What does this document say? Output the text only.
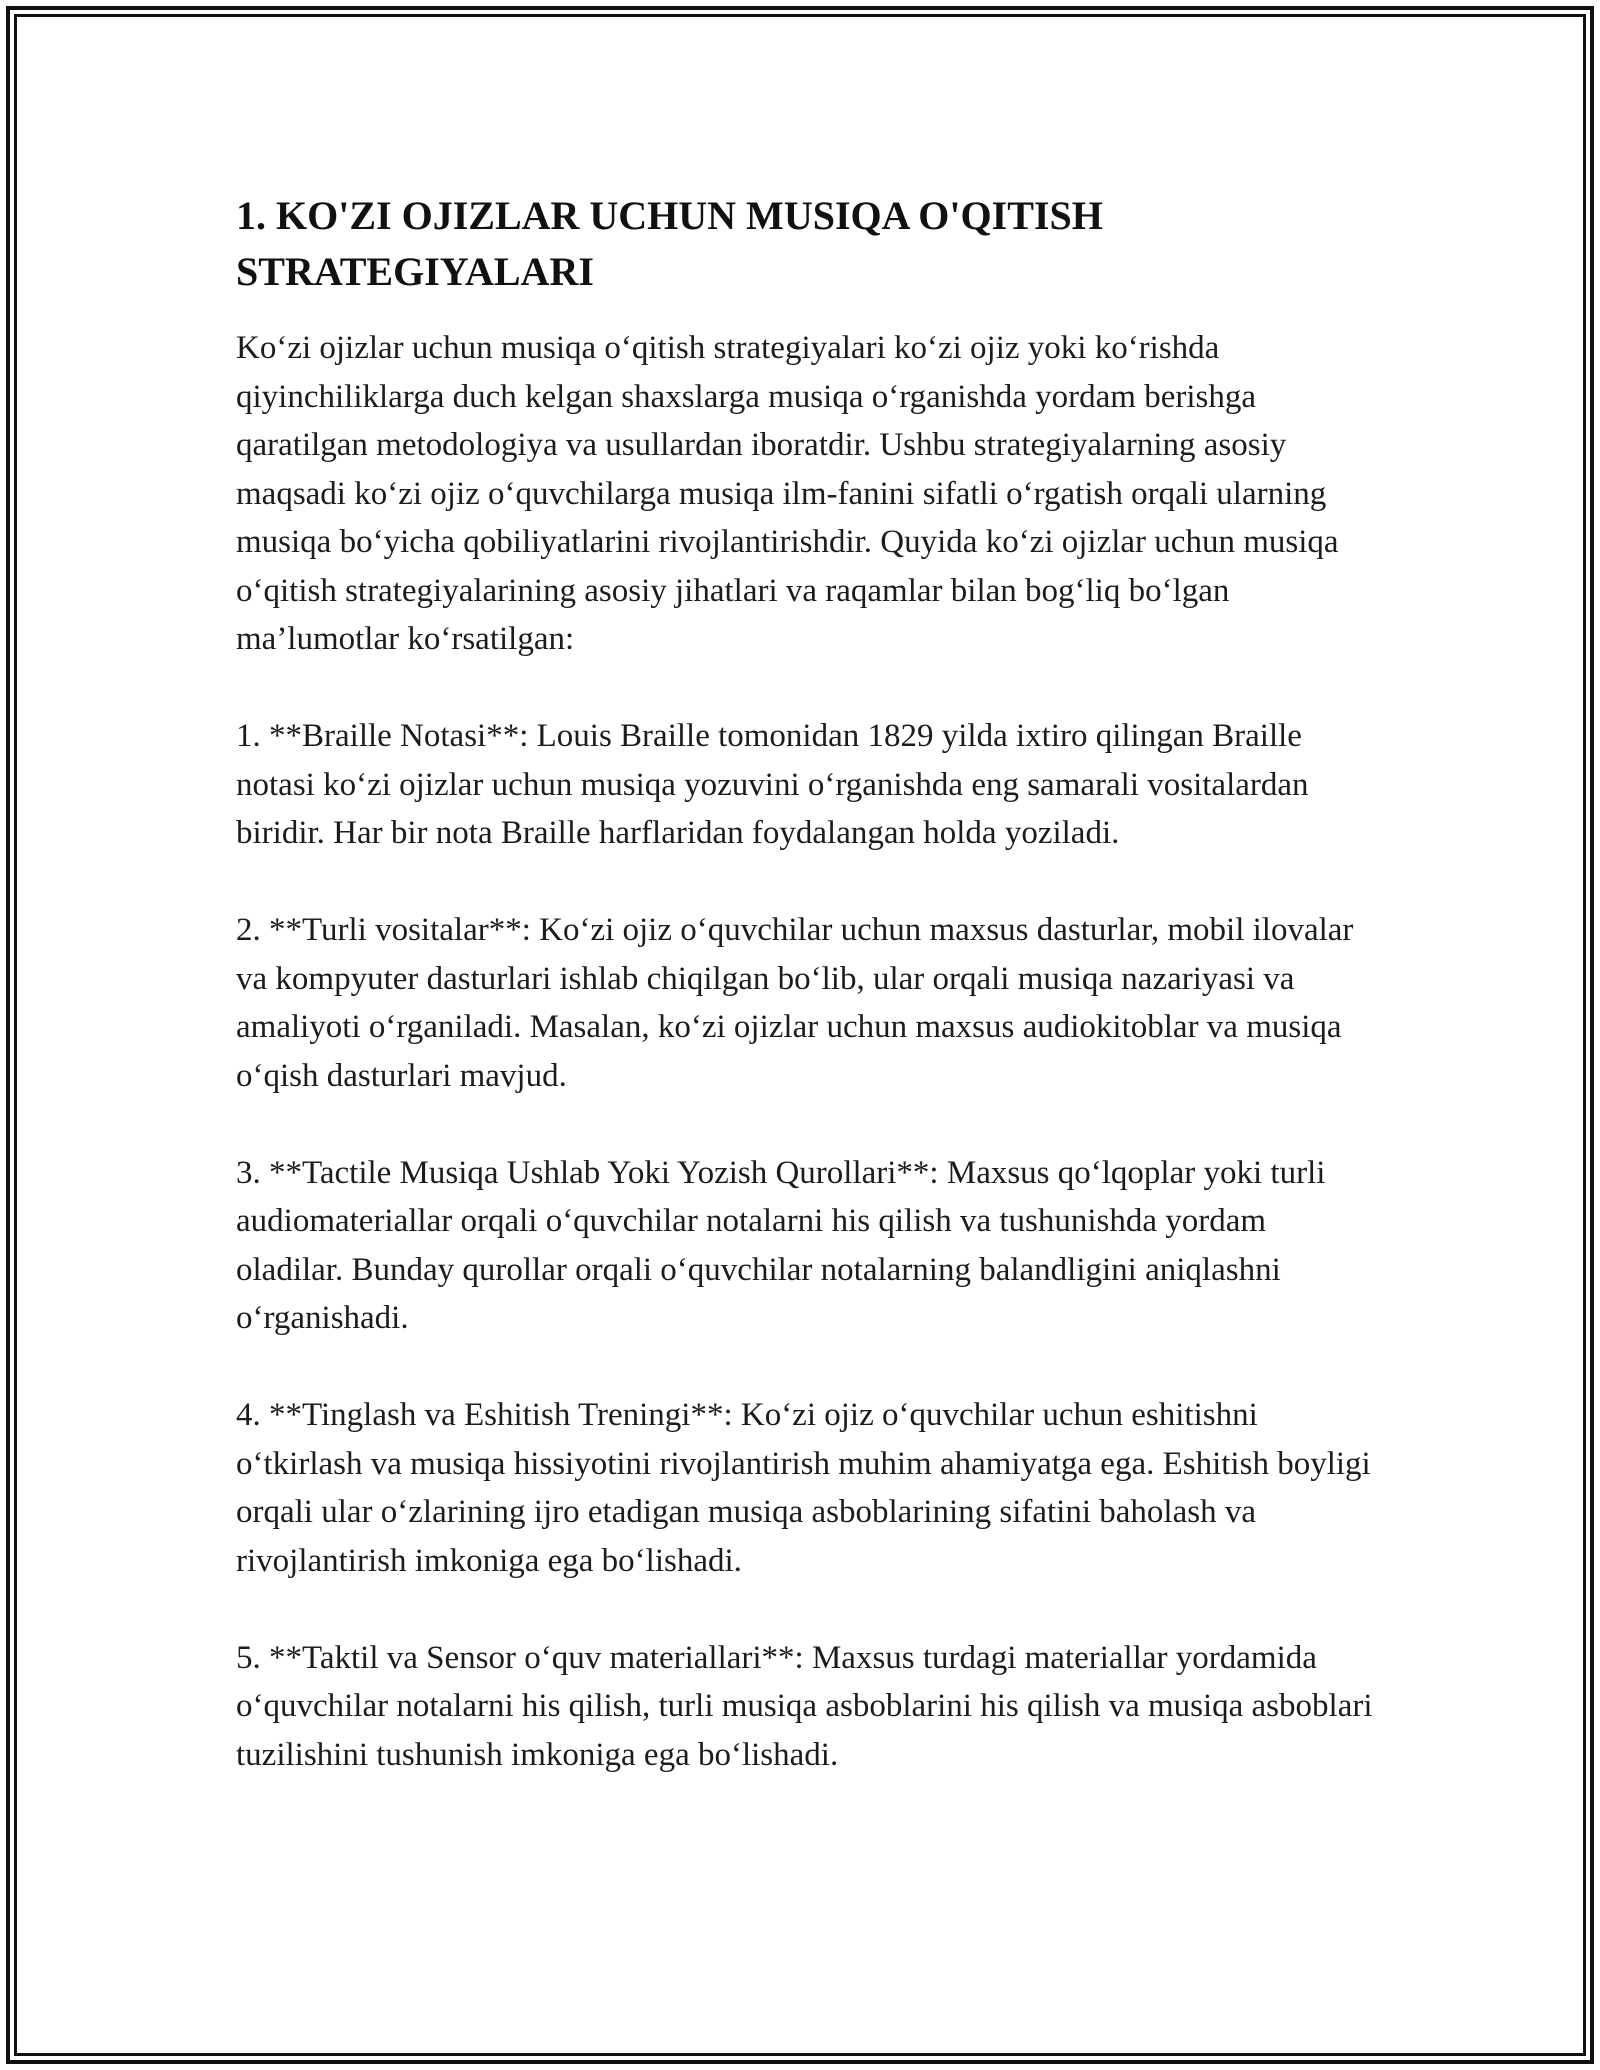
1. KO'ZI OJIZLAR UCHUN MUSIQA O'QITISH STRATEGIYALARI

Ko‘zi ojizlar uchun musiqa o‘qitish strategiyalari ko‘zi ojiz yoki ko‘rishda qiyinchiliklarga duch kelgan shaxslarga musiqa o‘rganishda yordam berishga qaratilgan metodologiya va usullardan iboratdir. Ushbu strategiyalarning asosiy maqsadi ko‘zi ojiz o‘quvchilarga musiqa ilm-fanini sifatli o‘rgatish orqali ularning musiqa bo‘yicha qobiliyatlarini rivojlantirishdir. Quyida ko‘zi ojizlar uchun musiqa o‘qitish strategiyalarining asosiy jihatlari va raqamlar bilan bog‘liq bo‘lgan ma’lumotlar ko‘rsatilgan:

1. **Braille Notasi**: Louis Braille tomonidan 1829 yilda ixtiro qilingan Braille notasi ko‘zi ojizlar uchun musiqa yozuvini o‘rganishda eng samarali vositalardan biridir. Har bir nota Braille harflaridan foydalangan holda yoziladi.

2. **Turli vositalar**: Ko‘zi ojiz o‘quvchilar uchun maxsus dasturlar, mobil ilovalar va kompyuter dasturlari ishlab chiqilgan bo‘lib, ular orqali musiqa nazariyasi va amaliyoti o‘rganiladi. Masalan, ko‘zi ojizlar uchun maxsus audiokitoblar va musiqa o‘qish dasturlari mavjud.

3. **Tactile Musiqa Ushlab Yoki Yozish Qurollari**: Maxsus qo‘lqoplar yoki turli audiomateriallar orqali o‘quvchilar notalarni his qilish va tushunishda yordam oladilar. Bunday qurollar orqali o‘quvchilar notalarning balandligini aniqlashni o‘rganishadi.

4. **Tinglash va Eshitish Treningi**: Ko‘zi ojiz o‘quvchilar uchun eshitishni o‘tkirlash va musiqa hissiyotini rivojlantirish muhim ahamiyatga ega. Eshitish boyligi orqali ular o‘zlarining ijro etadigan musiqa asboblarining sifatini baholash va rivojlantirish imkoniga ega bo‘lishadi.

5. **Taktil va Sensor o‘quv materiallari**: Maxsus turdagi materiallar yordamida o‘quvchilar notalarni his qilish, turli musiqa asboblarini his qilish va musiqa asboblari tuzilishini tushunish imkoniga ega bo‘lishadi.
